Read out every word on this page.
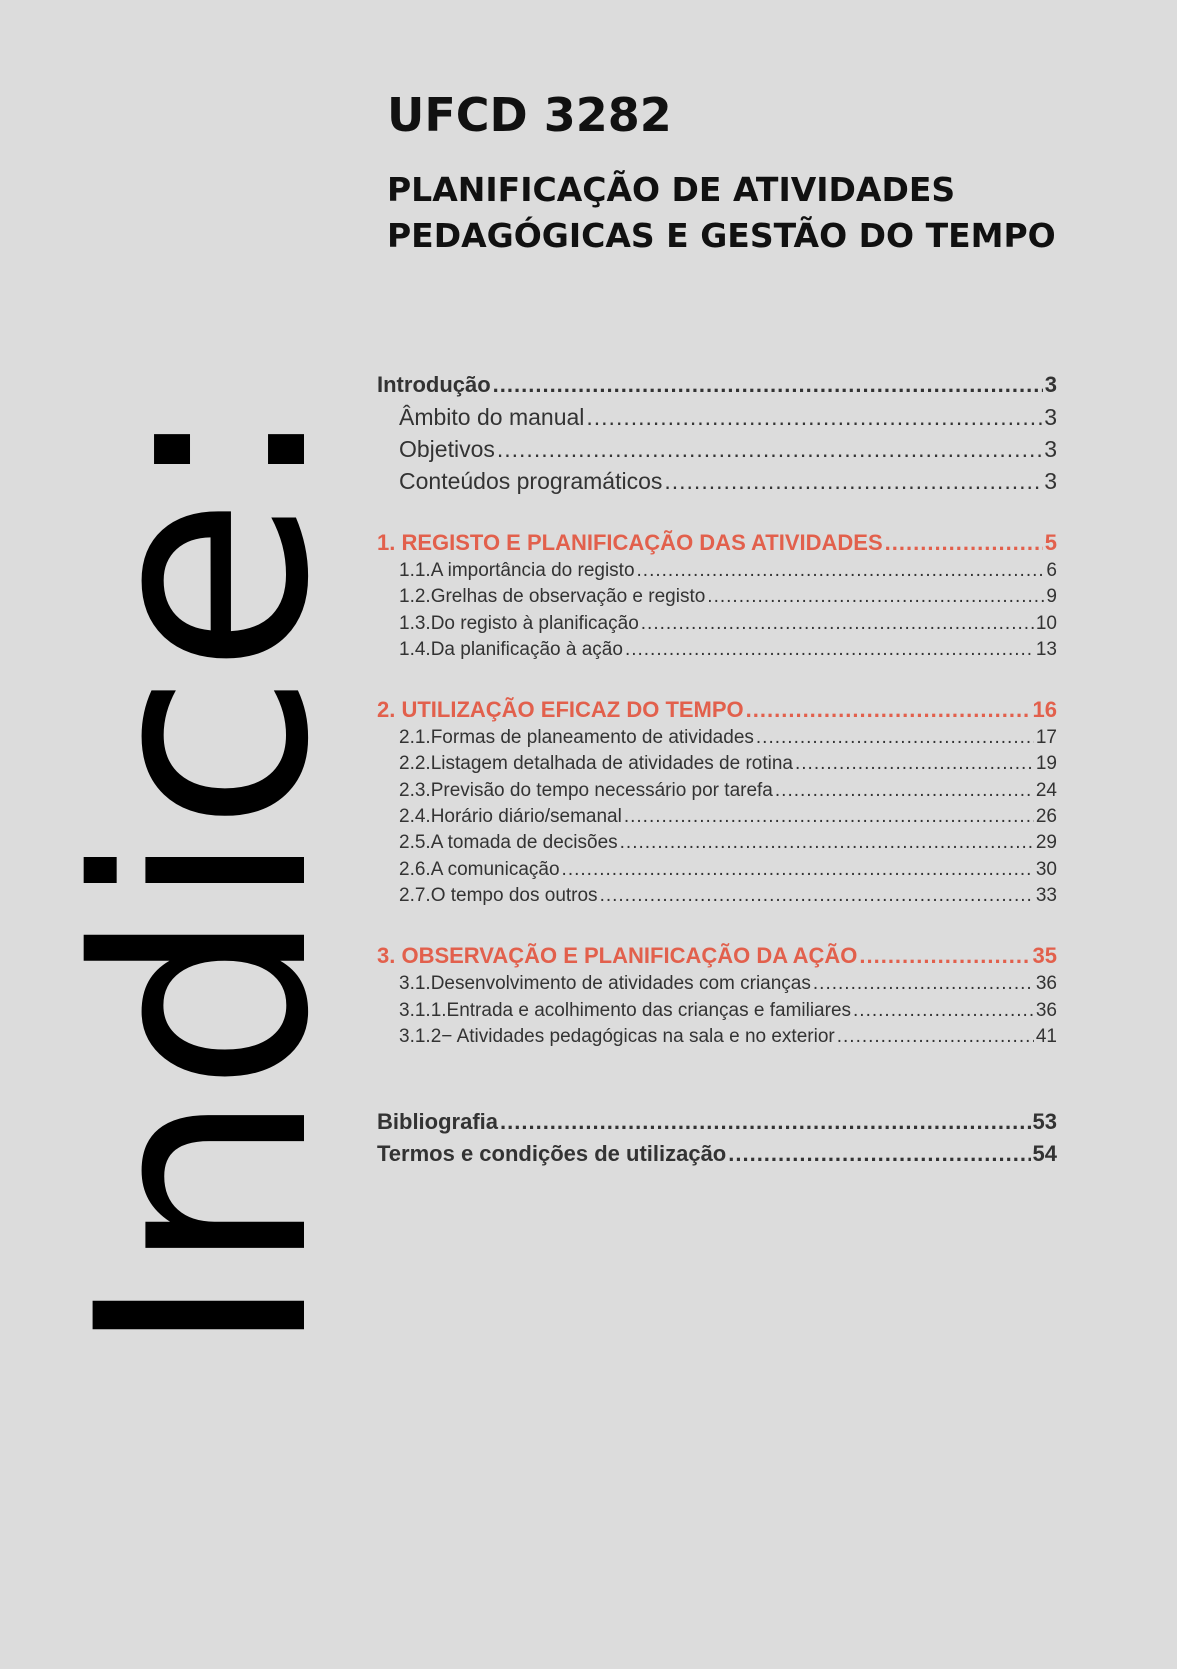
Indice:
UFCD 3282
PLANIFICAÇÃO DE ATIVIDADES
PEDAGÓGICAS E GESTÃO DO TEMPO
Introdução .....	3
Âmbito do manual .....	3
Objetivos .....	3
Conteúdos programáticos .....	3
1. REGISTO E PLANIFICAÇÃO DAS ATIVIDADES .....	5
1.1.A importância do registo .....	6
1.2.Grelhas de observação e registo .....	9
1.3.Do registo à planificação .....	10
1.4.Da planificação à ação .....	13
2. UTILIZAÇÃO EFICAZ DO TEMPO .....	16
2.1.Formas de planeamento de atividades .....	17
2.2.Listagem detalhada de atividades de rotina .....	19
2.3.Previsão do tempo necessário por tarefa .....	24
2.4.Horário diário/semanal .....	26
2.5.A tomada de decisões .....	29
2.6.A comunicação .....	30
2.7.O tempo dos outros .....	33
3. OBSERVAÇÃO E PLANIFICAÇÃO DA AÇÃO .....	35
3.1.Desenvolvimento de atividades com crianças .....	36
3.1.1.Entrada e acolhimento das crianças e familiares .....	36
3.1.2− Atividades pedagógicas na sala e no exterior .....	41
Bibliografia .....	53
Termos e condições de utilização .....	54
